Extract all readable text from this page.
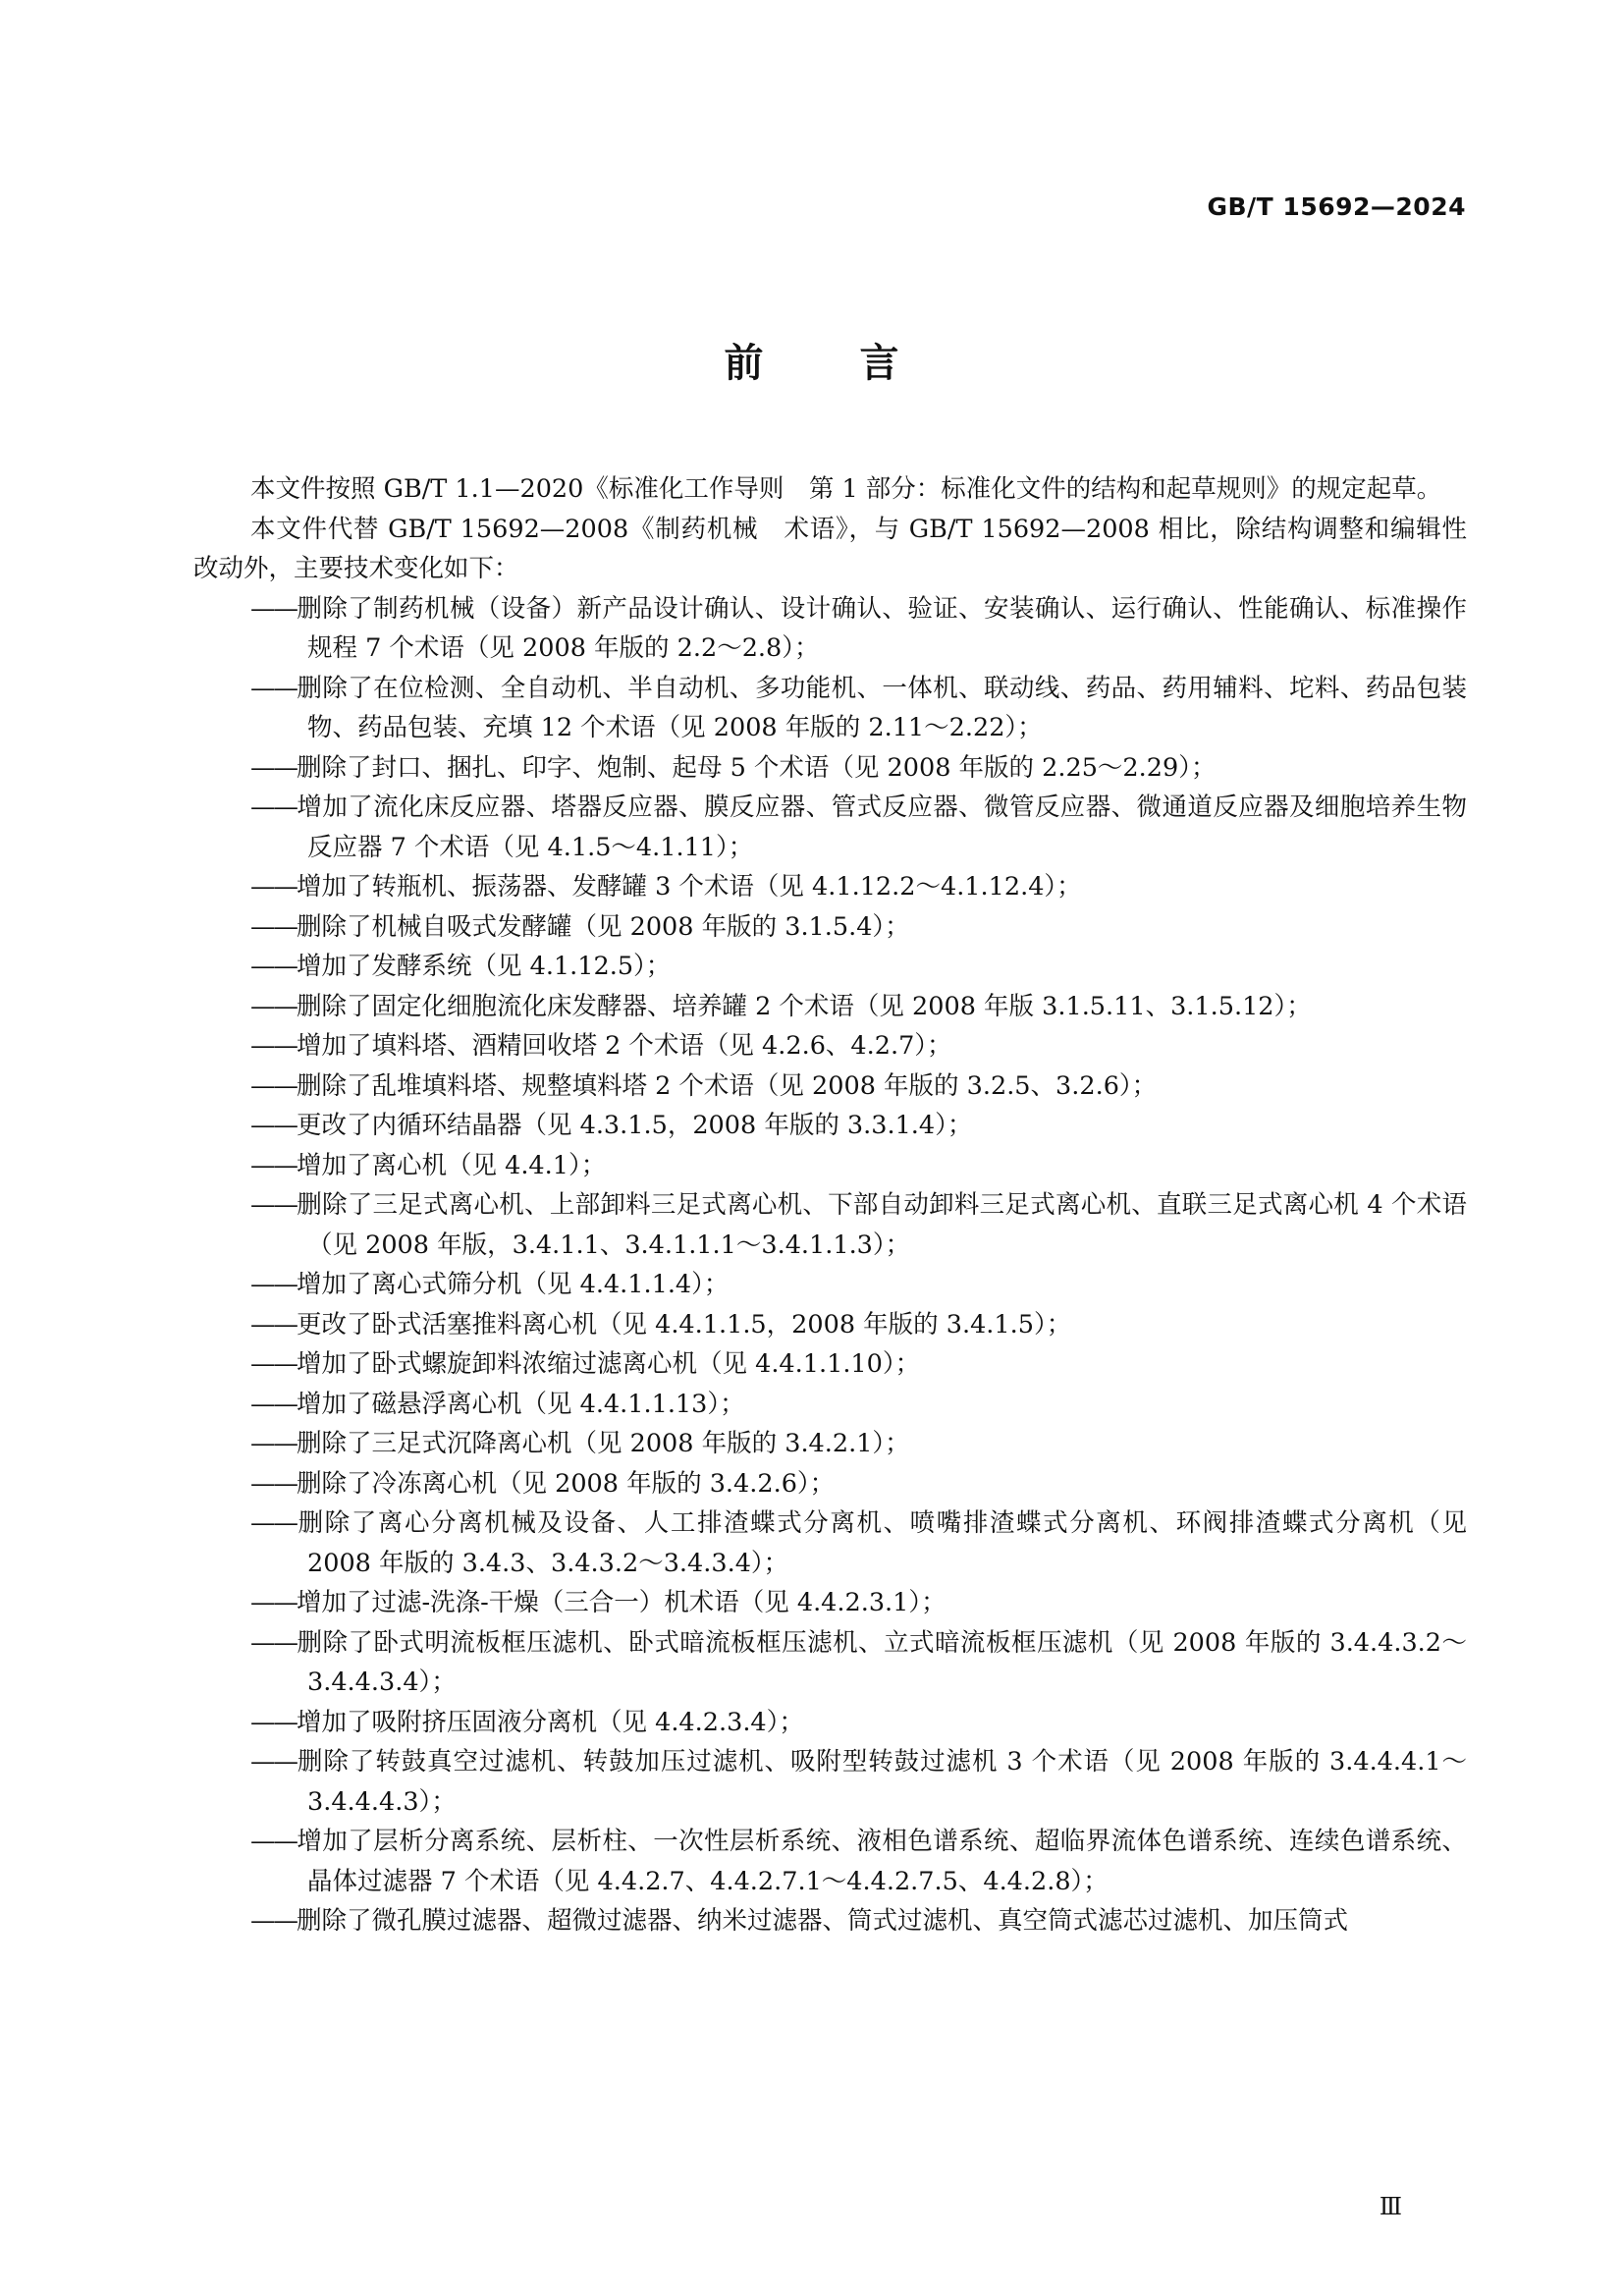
GB/T 15692—2024
前 言

本文件按照 GB/T 1.1—2020《标准化工作导则　第 1 部分：标准化文件的结构和起草规则》的规定起草。

本文件代替 GB/T 15692—2008《制药机械　术语》，与 GB/T 15692—2008 相比，除结构调整和编辑性改动外，主要技术变化如下：

——删除了制药机械（设备）新产品设计确认、设计确认、验证、安装确认、运行确认、性能确认、标准操作规程 7 个术语（见 2008 年版的 2.2～2.8）；
——删除了在位检测、全自动机、半自动机、多功能机、一体机、联动线、药品、药用辅料、坨料、药品包装物、药品包装、充填 12 个术语（见 2008 年版的 2.11～2.22）；
——删除了封口、捆扎、印字、炮制、起母 5 个术语（见 2008 年版的 2.25～2.29）；
——增加了流化床反应器、塔器反应器、膜反应器、管式反应器、微管反应器、微通道反应器及细胞培养生物反应器 7 个术语（见 4.1.5～4.1.11）；
——增加了转瓶机、振荡器、发酵罐 3 个术语（见 4.1.12.2～4.1.12.4）；
——删除了机械自吸式发酵罐（见 2008 年版的 3.1.5.4）；
——增加了发酵系统（见 4.1.12.5）；
——删除了固定化细胞流化床发酵器、培养罐 2 个术语（见 2008 年版 3.1.5.11、3.1.5.12）；
——增加了填料塔、酒精回收塔 2 个术语（见 4.2.6、4.2.7）；
——删除了乱堆填料塔、规整填料塔 2 个术语（见 2008 年版的 3.2.5、3.2.6）；
——更改了内循环结晶器（见 4.3.1.5，2008 年版的 3.3.1.4）；
——增加了离心机（见 4.4.1）；
——删除了三足式离心机、上部卸料三足式离心机、下部自动卸料三足式离心机、直联三足式离心机 4 个术语（见 2008 年版，3.4.1.1、3.4.1.1.1～3.4.1.1.3）；
——增加了离心式筛分机（见 4.4.1.1.4）；
——更改了卧式活塞推料离心机（见 4.4.1.1.5，2008 年版的 3.4.1.5）；
——增加了卧式螺旋卸料浓缩过滤离心机（见 4.4.1.1.10）；
——增加了磁悬浮离心机（见 4.4.1.1.13）；
——删除了三足式沉降离心机（见 2008 年版的 3.4.2.1）；
——删除了冷冻离心机（见 2008 年版的 3.4.2.6）；
——删除了离心分离机械及设备、人工排渣蝶式分离机、喷嘴排渣蝶式分离机、环阀排渣蝶式分离机（见 2008 年版的 3.4.3、3.4.3.2～3.4.3.4）；
——增加了过滤-洗涤-干燥（三合一）机术语（见 4.4.2.3.1）；
——删除了卧式明流板框压滤机、卧式暗流板框压滤机、立式暗流板框压滤机（见 2008 年版的 3.4.4.3.2～3.4.4.3.4）；
——增加了吸附挤压固液分离机（见 4.4.2.3.4）；
——删除了转鼓真空过滤机、转鼓加压过滤机、吸附型转鼓过滤机 3 个术语（见 2008 年版的 3.4.4.4.1～3.4.4.4.3）；
——增加了层析分离系统、层析柱、一次性层析系统、液相色谱系统、超临界流体色谱系统、连续色谱系统、晶体过滤器 7 个术语（见 4.4.2.7、4.4.2.7.1～4.4.2.7.5、4.4.2.8）；
——删除了微孔膜过滤器、超微过滤器、纳米过滤器、筒式过滤机、真空筒式滤芯过滤机、加压筒式
Ⅲ
